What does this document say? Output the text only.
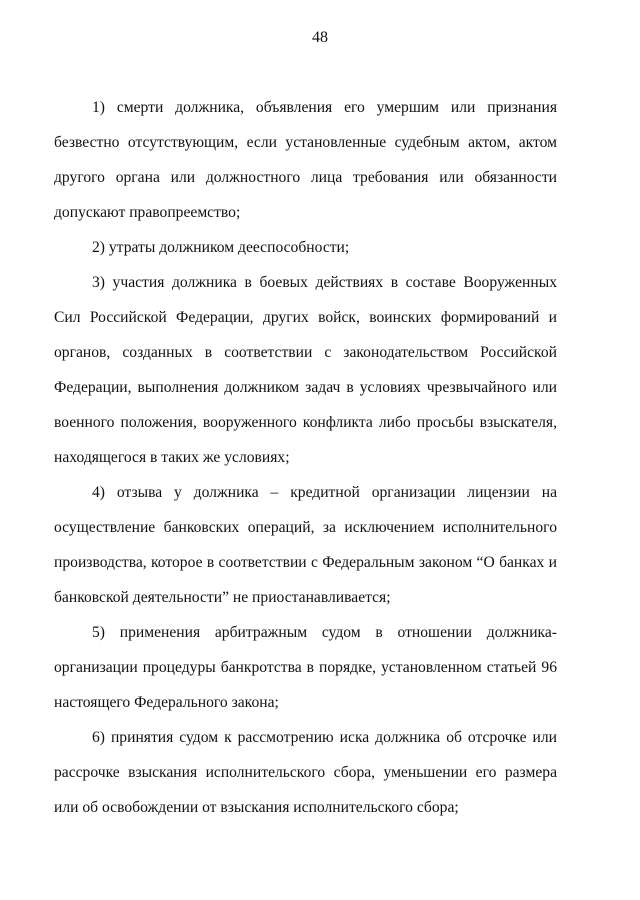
48

1) смерти должника, объявления его умершим или признания безвестно отсутствующим, если установленные судебным актом, актом другого органа или должностного лица требования или обязанности допускают правопреемство;

2) утраты должником дееспособности;

3) участия должника в боевых действиях в составе Вооруженных Сил Российской Федерации, других войск, воинских формирований и органов, созданных в соответствии с законодательством Российской Федерации, выполнения должником задач в условиях чрезвычайного или военного положения, вооруженного конфликта либо просьбы взыскателя, находящегося в таких же условиях;

4) отзыва у должника – кредитной организации лицензии на осуществление банковских операций, за исключением исполнительного производства, которое в соответствии с Федеральным законом “О банках и банковской деятельности” не приостанавливается;

5) применения арбитражным судом в отношении должника-организации процедуры банкротства в порядке, установленном статьей 96 настоящего Федерального закона;

6) принятия судом к рассмотрению иска должника об отсрочке или рассрочке взыскания исполнительского сбора, уменьшении его размера или об освобождении от взыскания исполнительского сбора;
